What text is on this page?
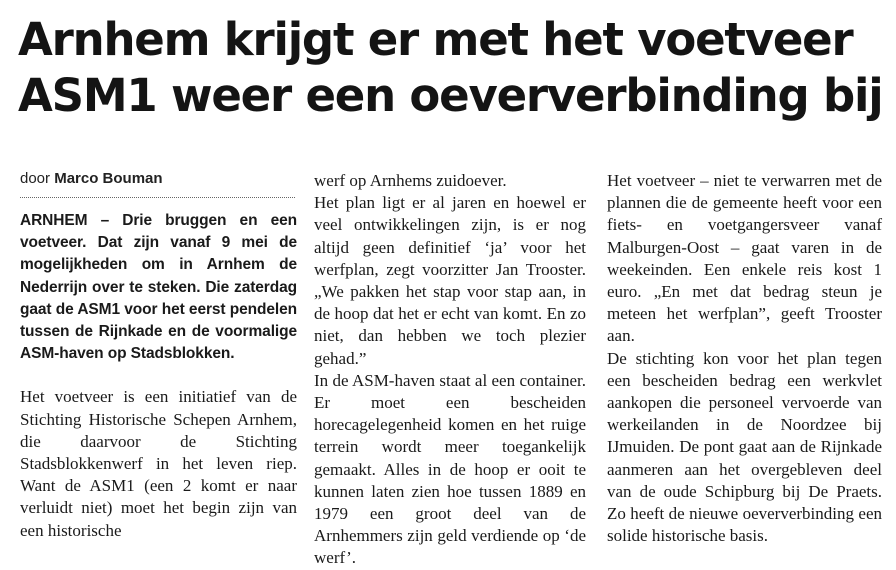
Arnhem krijgt er met het voetveer
ASM1 weer een oeververbinding bij
door Marco Bouman

ARNHEM – Drie bruggen en een voetveer. Dat zijn vanaf 9 mei de mogelijkheden om in Arnhem de Nederrijn over te steken. Die zaterdag gaat de ASM1 voor het eerst pendelen tussen de Rijnkade en de voormalige ASM-haven op Stadsblokken.

Het voetveer is een initiatief van de Stichting Historische Schepen Arnhem, die daarvoor de Stichting Stadsblokkenwerf in het leven riep. Want de ASM1 (een 2 komt er naar verluidt niet) moet het begin zijn van een historische

werf op Arnhems zuidoever.

Het plan ligt er al jaren en hoewel er veel ontwikkelingen zijn, is er nog altijd geen definitief ‘ja’ voor het werfplan, zegt voorzitter Jan Trooster. „We pakken het stap voor stap aan, in de hoop dat het er echt van komt. En zo niet, dan hebben we toch plezier gehad.”

In de ASM-haven staat al een container. Er moet een bescheiden horecagelegenheid komen en het ruige terrein wordt meer toegankelijk gemaakt. Alles in de hoop er ooit te kunnen laten zien hoe tussen 1889 en 1979 een groot deel van de Arnhemmers zijn geld verdiende op ‘de werf’.

Het voetveer – niet te verwarren met de plannen die de gemeente heeft voor een fiets- en voetgangersveer vanaf Malburgen-Oost – gaat varen in de weekeinden. Een enkele reis kost 1 euro. „En met dat bedrag steun je meteen het werfplan”, geeft Trooster aan.

De stichting kon voor het plan tegen een bescheiden bedrag een werkvlet aankopen die personeel vervoerde van werkeilanden in de Noordzee bij IJmuiden. De pont gaat aan de Rijnkade aanmeren aan het overgebleven deel van de oude Schipburg bij De Praets. Zo heeft de nieuwe oeververbinding een solide historische basis.
